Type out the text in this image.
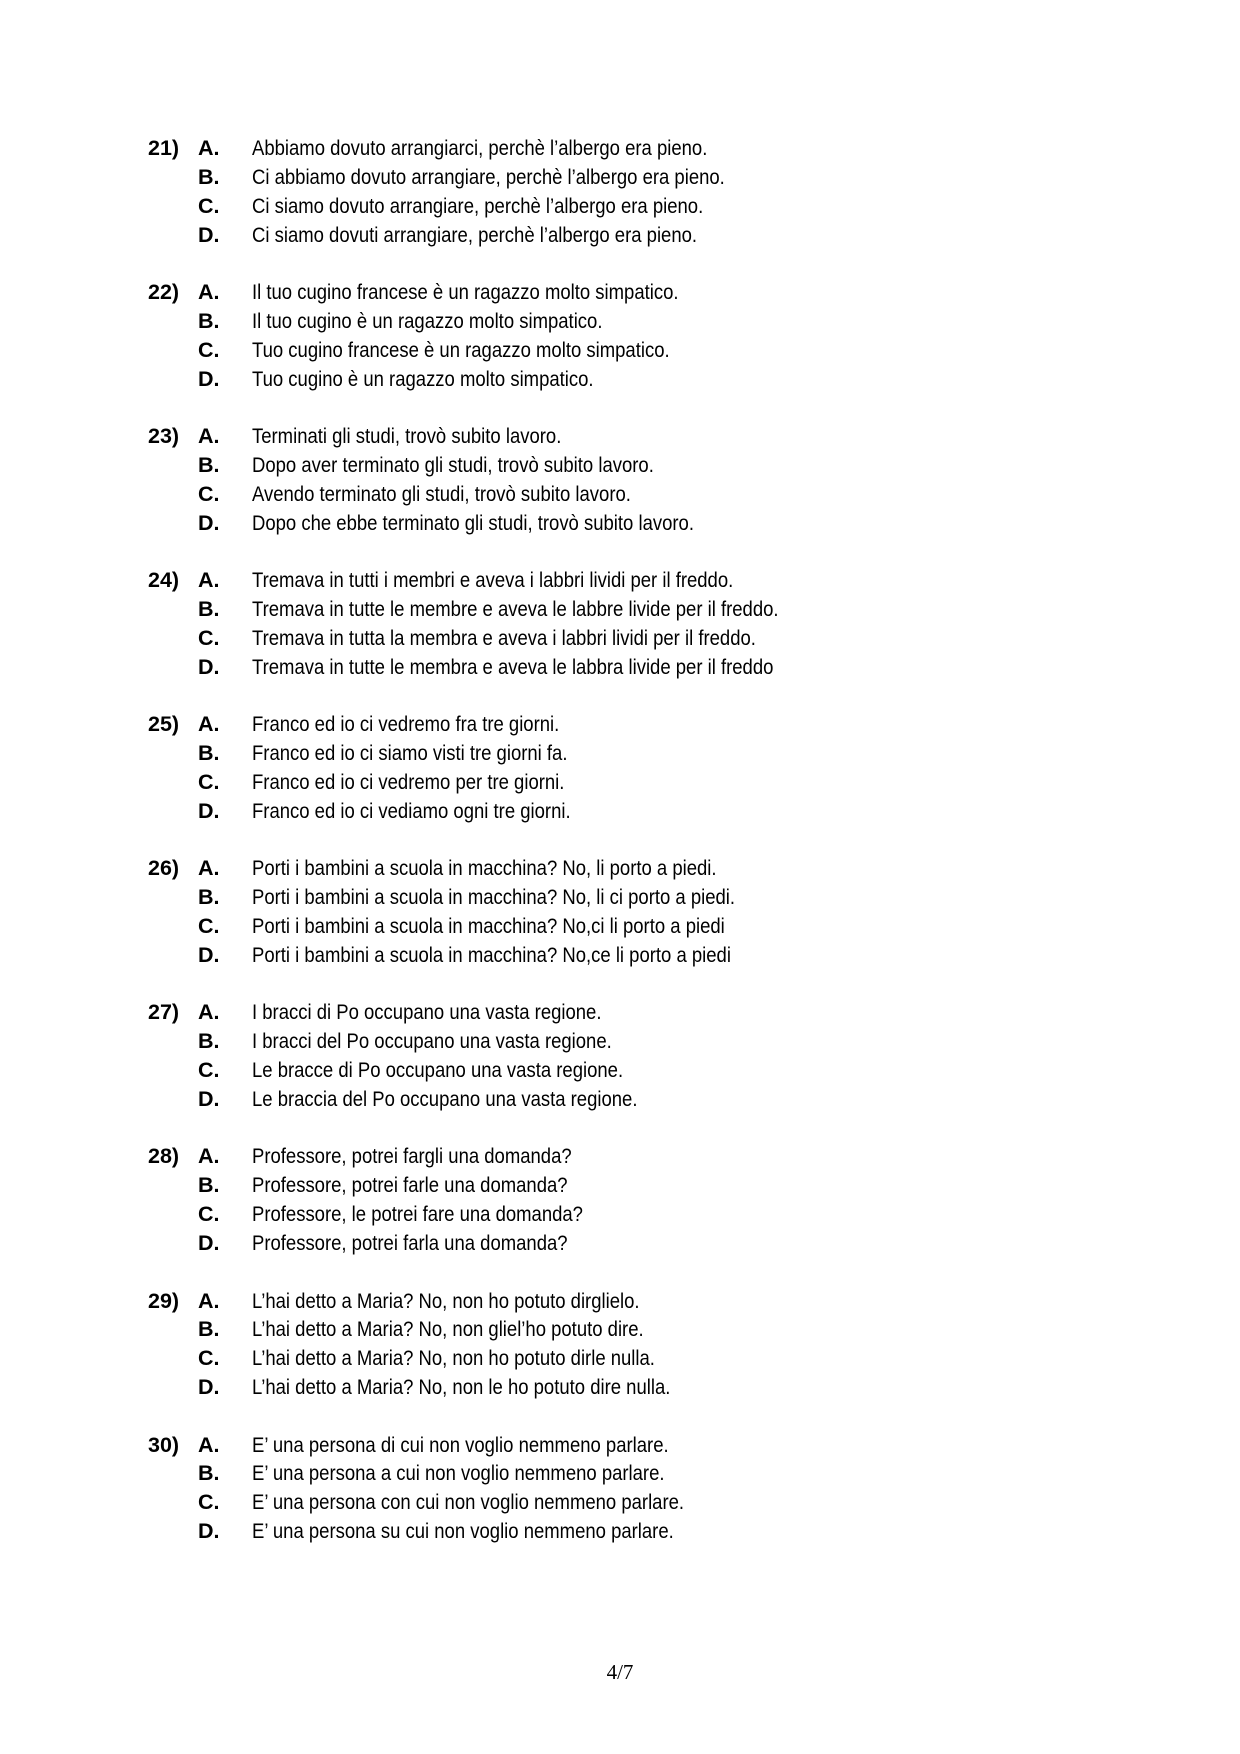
21) A.	Abbiamo dovuto arrangiarci, perchè l’albergo era pieno.
B.	Ci abbiamo dovuto arrangiare, perchè l’albergo era pieno.
C.	Ci siamo dovuto arrangiare, perchè l’albergo era pieno.
D.	Ci siamo dovuti arrangiare, perchè l’albergo era pieno.
22) A.	Il tuo cugino francese è un ragazzo molto simpatico.
B.	Il tuo cugino è un ragazzo molto simpatico.
C.	Tuo cugino francese è un ragazzo molto simpatico.
D.	Tuo cugino è un ragazzo molto simpatico.
23) A.	Terminati gli studi, trovò subito lavoro.
B.	Dopo aver terminato gli studi, trovò subito lavoro.
C.	Avendo terminato gli studi, trovò subito lavoro.
D.	Dopo che ebbe terminato gli studi, trovò subito lavoro.
24) A.	Tremava in tutti i membri e aveva i labbri lividi per il freddo.
B.	Tremava in tutte le membre e aveva le labbre livide per il freddo.
C.	Tremava in tutta la membra e aveva i labbri lividi per il freddo.
D.	Tremava in tutte le membra e aveva le labbra livide per il freddo
25) A.	Franco ed io ci vedremo fra tre giorni.
B.	Franco ed io ci siamo visti tre giorni fa.
C.	Franco ed io ci vedremo per tre giorni.
D.	Franco ed io ci vediamo ogni tre giorni.
26) A.	Porti i bambini a scuola in macchina? No, li porto a piedi.
B.	Porti i bambini a scuola in macchina? No, li ci porto a piedi.
C.	Porti i bambini a scuola in macchina? No,ci li porto a piedi
D.	Porti i bambini a scuola in macchina? No,ce li porto a piedi
27) A.	I bracci di Po occupano una vasta regione.
B.	I bracci del Po occupano una vasta regione.
C.	Le bracce di Po occupano una vasta regione.
D.	Le braccia del Po occupano una vasta regione.
28) A.	Professore, potrei fargli una domanda?
B.	Professore, potrei farle una domanda?
C.	Professore, le potrei fare una domanda?
D.	Professore, potrei farla una domanda?
29) A.	L’hai detto a Maria? No, non ho potuto dirglielo.
B.	L’hai detto a Maria? No, non gliel’ho potuto dire.
C.	L’hai detto a Maria? No, non ho potuto dirle nulla.
D.	L’hai detto a Maria? No, non le ho potuto dire nulla.
30) A.	E’ una persona di cui non voglio nemmeno parlare.
B.	E’ una persona a cui non voglio nemmeno parlare.
C.	E’ una persona con cui non voglio nemmeno parlare.
D.	E’ una persona su cui non voglio nemmeno parlare.
4/7
